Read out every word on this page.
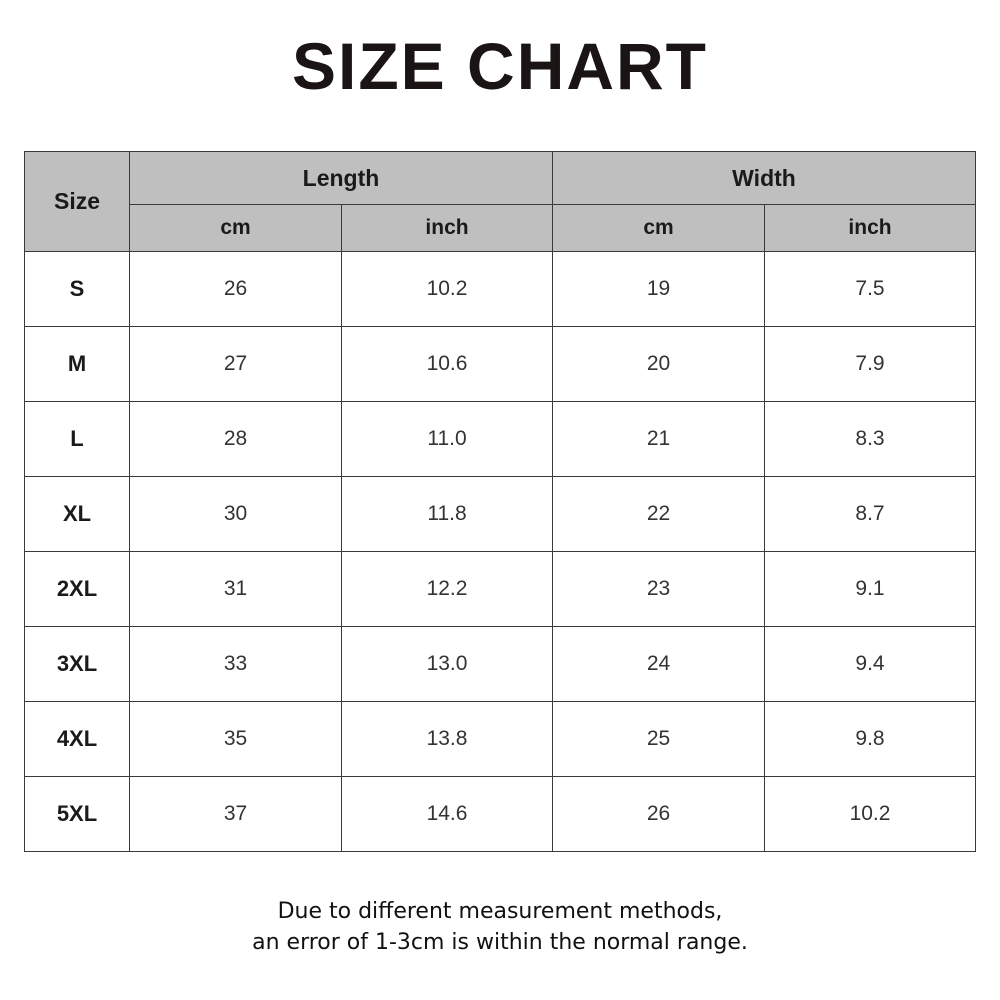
SIZE CHART
Size	Length		Width	
	cm	inch	cm	inch
S	26	10.2	19	7.5
M	27	10.6	20	7.9
L	28	11.0	21	8.3
XL	30	11.8	22	8.7
2XL	31	12.2	23	9.1
3XL	33	13.0	24	9.4
4XL	35	13.8	25	9.8
5XL	37	14.6	26	10.2
Due to different measurement methods,
an error of 1-3cm is within the normal range.
